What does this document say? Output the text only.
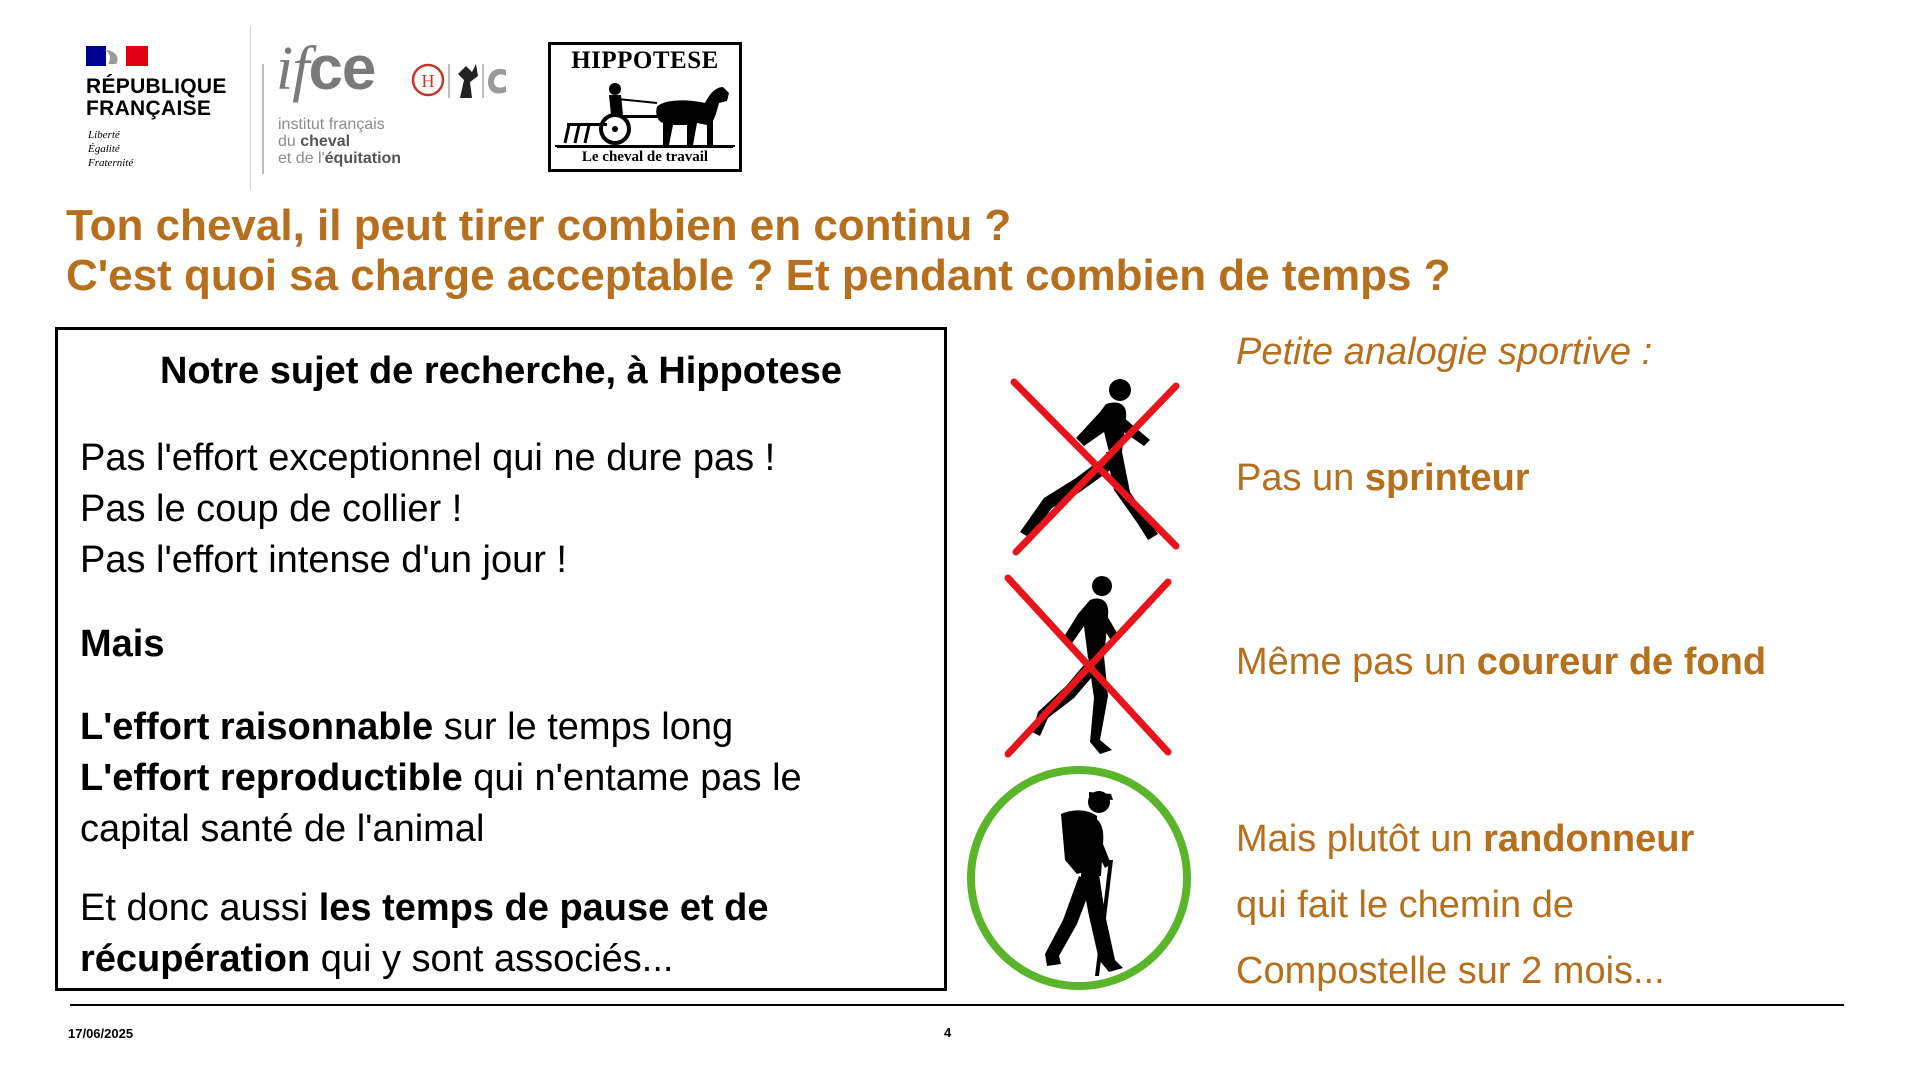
RÉPUBLIQUE
FRANÇAISE
Liberté
Égalité
Fraternité
ifce	H
institut français
du cheval
et de l'équitation
HIPPOTESE
Le cheval de travail
Ton cheval, il peut tirer combien en continu ?
C'est quoi sa charge acceptable ? Et pendant combien de temps ?
Notre sujet de recherche, à Hippotese
Pas l'effort exceptionnel qui ne dure pas !
Pas le coup de collier !
Pas l'effort intense d'un jour !
Mais
L'effort raisonnable sur le temps long
L'effort reproductible qui n'entame pas le
capital santé de l'animal
Et donc aussi les temps de pause et de
récupération qui y sont associés...
Petite analogie sportive :
Pas un sprinteur
Même pas un coureur de fond
Mais plutôt un randonneur
qui fait le chemin de
Compostelle sur 2 mois...
17/06/2025	4
